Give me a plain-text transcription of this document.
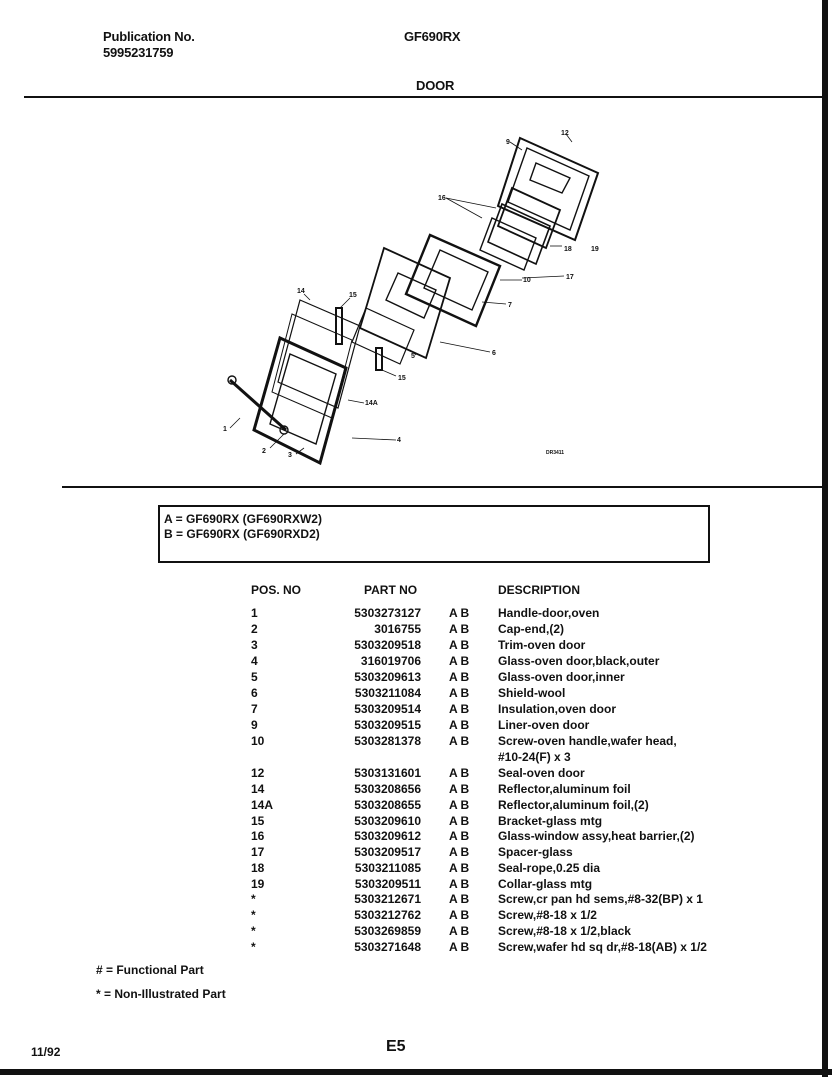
Publication No.
5995231759
GF690RX
DOOR
1
2
3
4
5	6
7
9
10
12
14
14A
15
15
16
17
18	19
DR3411
A = GF690RX (GF690RXW2)
B = GF690RX (GF690RXD2)
POS. NO	PART NO	DESCRIPTION
1	5303273127 A B Handle-door,oven
2	3016755 A B Cap-end,(2)
3	5303209518 A B Trim-oven door
4	316019706 A B Glass-oven door,black,outer
5	5303209613 A B Glass-oven door,inner
6	5303211084 A B Shield-wool
7	5303209514 A B Insulation,oven door
9	5303209515 A B Liner-oven door
10	5303281378 A B Screw-oven handle,wafer head,
#10-24(F) x 3
12	5303131601 A B Seal-oven door
14	5303208656 A B Reflector,aluminum foil
14A	5303208655 A B Reflector,aluminum foil,(2)
15	5303209610 A B Bracket-glass mtg
16	5303209612 A B Glass-window assy,heat barrier,(2)
17	5303209517 A B Spacer-glass
18	5303211085 A B Seal-rope,0.25 dia
19	5303209511 A B Collar-glass mtg
*	5303212671 A B Screw,cr pan hd sems,#8-32(BP) x 1
*	5303212762 A B Screw,#8-18 x 1/2
*	5303269859 A B Screw,#8-18 x 1/2,black
*	5303271648 A B Screw,wafer hd sq dr,#8-18(AB) x 1/2
# = Functional Part
* = Non-Illustrated Part
11/92	E5
